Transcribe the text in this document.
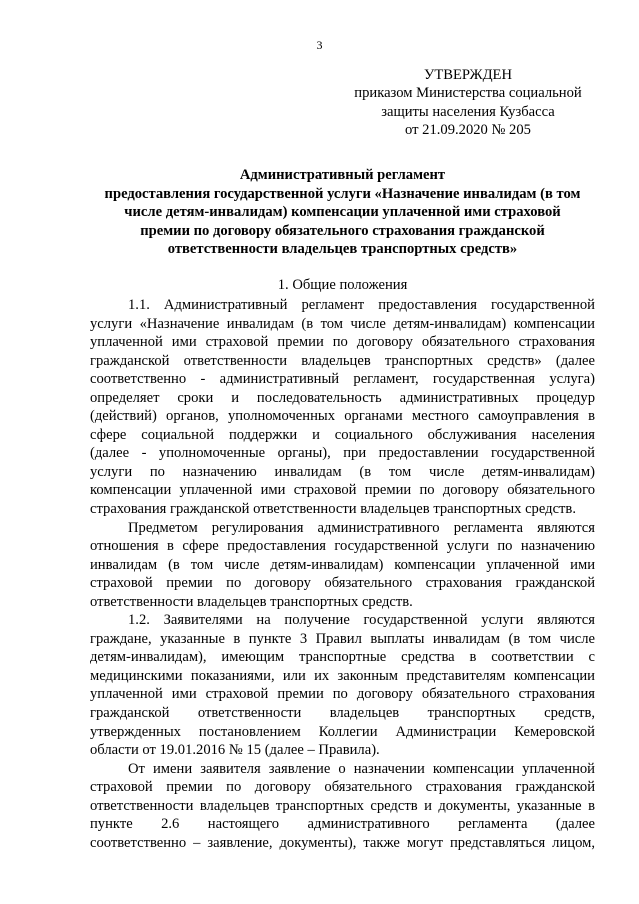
3
УТВЕРЖДЕН
приказом Министерства социальной
защиты населения Кузбасса
от 21.09.2020 № 205
Административный регламент
предоставления государственной услуги «Назначение инвалидам (в том
числе детям-инвалидам) компенсации уплаченной ими страховой
премии по договору обязательного страхования гражданской
ответственности владельцев транспортных средств»
1. Общие положения
1.1. Административный регламент предоставления государственной
услуги «Назначение инвалидам (в том числе детям-инвалидам) компенсации
уплаченной ими страховой премии по договору обязательного страхования
гражданской ответственности владельцев транспортных средств» (далее
соответственно - административный регламент, государственная услуга)
определяет сроки и последовательность административных процедур
(действий) органов, уполномоченных органами местного самоуправления в
сфере социальной поддержки и социального обслуживания населения
(далее - уполномоченные органы), при предоставлении государственной
услуги по назначению инвалидам (в том числе детям-инвалидам)
компенсации уплаченной ими страховой премии по договору обязательного
страхования гражданской ответственности владельцев транспортных средств.
Предметом регулирования административного регламента являются
отношения в сфере предоставления государственной услуги по назначению
инвалидам (в том числе детям-инвалидам) компенсации уплаченной ими
страховой премии по договору обязательного страхования гражданской
ответственности владельцев транспортных средств.
1.2. Заявителями на получение государственной услуги являются
граждане, указанные в пункте 3 Правил выплаты инвалидам (в том числе
детям-инвалидам), имеющим транспортные средства в соответствии с
медицинскими показаниями, или их законным представителям компенсации
уплаченной ими страховой премии по договору обязательного страхования
гражданской ответственности владельцев транспортных средств,
утвержденных постановлением Коллегии Администрации Кемеровской
области от 19.01.2016 № 15 (далее – Правила).
От имени заявителя заявление о назначении компенсации уплаченной
страховой премии по договору обязательного страхования гражданской
ответственности владельцев транспортных средств и документы, указанные в
пункте 2.6 настоящего административного регламента (далее
соответственно – заявление, документы), также могут представляться лицом,
